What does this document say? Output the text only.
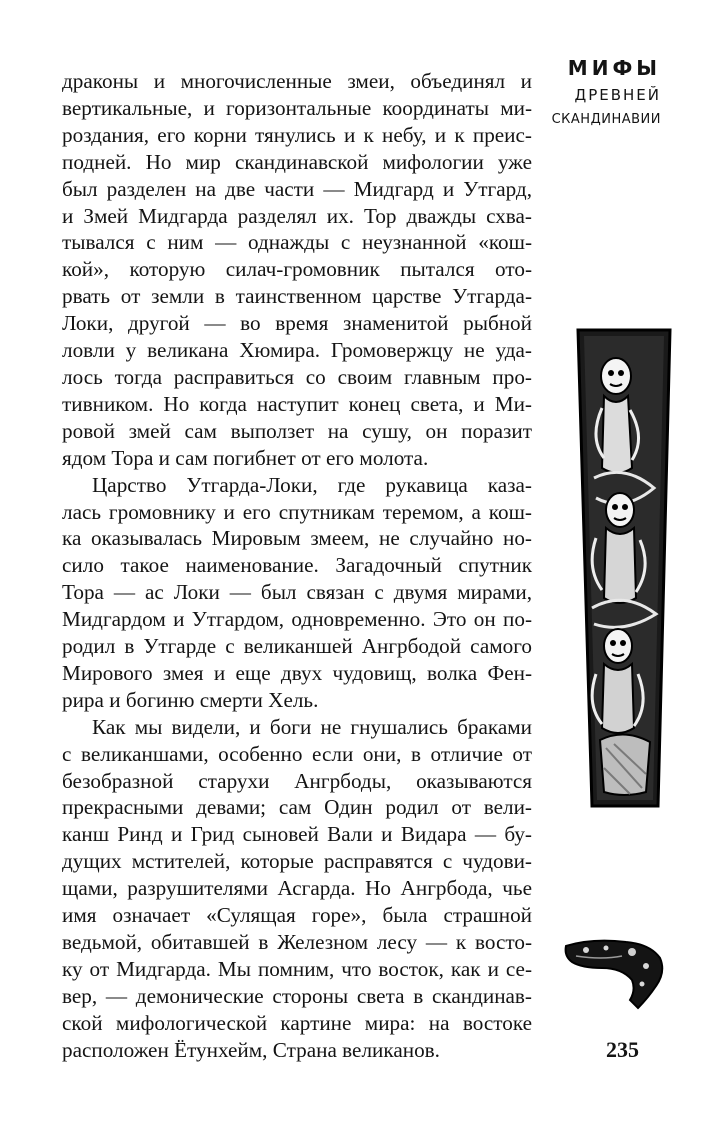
драконы и многочисленные змеи, объединял и
вертикальные, и горизонтальные координаты ми-
роздания, его корни тянулись и к небу, и к преис-
подней. Но мир скандинавской мифологии уже
был разделен на две части — Мидгард и Утгард,
и Змей Мидгарда разделял их. Тор дважды схва-
тывался с ним — однажды с неузнанной «кош-
кой», которую силач-громовник пытался ото-
рвать от земли в таинственном царстве Утгарда-
Локи, другой — во время знаменитой рыбной
ловли у великана Хюмира. Громовержцу не уда-
лось тогда расправиться со своим главным про-
тивником. Но когда наступит конец света, и Ми-
ровой змей сам выползет на сушу, он поразит
ядом Тора и сам погибнет от его молота.

Царство Утгарда-Локи, где рукавица каза-
лась громовнику и его спутникам теремом, а кош-
ка оказывалась Мировым змеем, не случайно но-
сило такое наименование. Загадочный спутник
Тора — ас Локи — был связан с двумя мирами,
Мидгардом и Утгардом, одновременно. Это он по-
родил в Утгарде с великаншей Ангрбодой самого
Мирового змея и еще двух чудовищ, волка Фен-
рира и богиню смерти Хель.

Как мы видели, и боги не гнушались браками
с великаншами, особенно если они, в отличие от
безобразной старухи Ангрбоды, оказываются
прекрасными девами; сам Один родил от вели-
канш Ринд и Грид сыновей Вали и Видара — бу-
дущих мстителей, которые расправятся с чудови-
щами, разрушителями Асгарда. Но Ангрбода, чье
имя означает «Сулящая горе», была страшной
ведьмой, обитавшей в Железном лесу — к восто-
ку от Мидгарда. Мы помним, что восток, как и се-
вер, — демонические стороны света в скандинав-
ской мифологической картине мира: на востоке
расположен Ётунхейм, Страна великанов.

МИФЫ
ДРЕВНЕЙ
СКАНДИНАВИИ
235
